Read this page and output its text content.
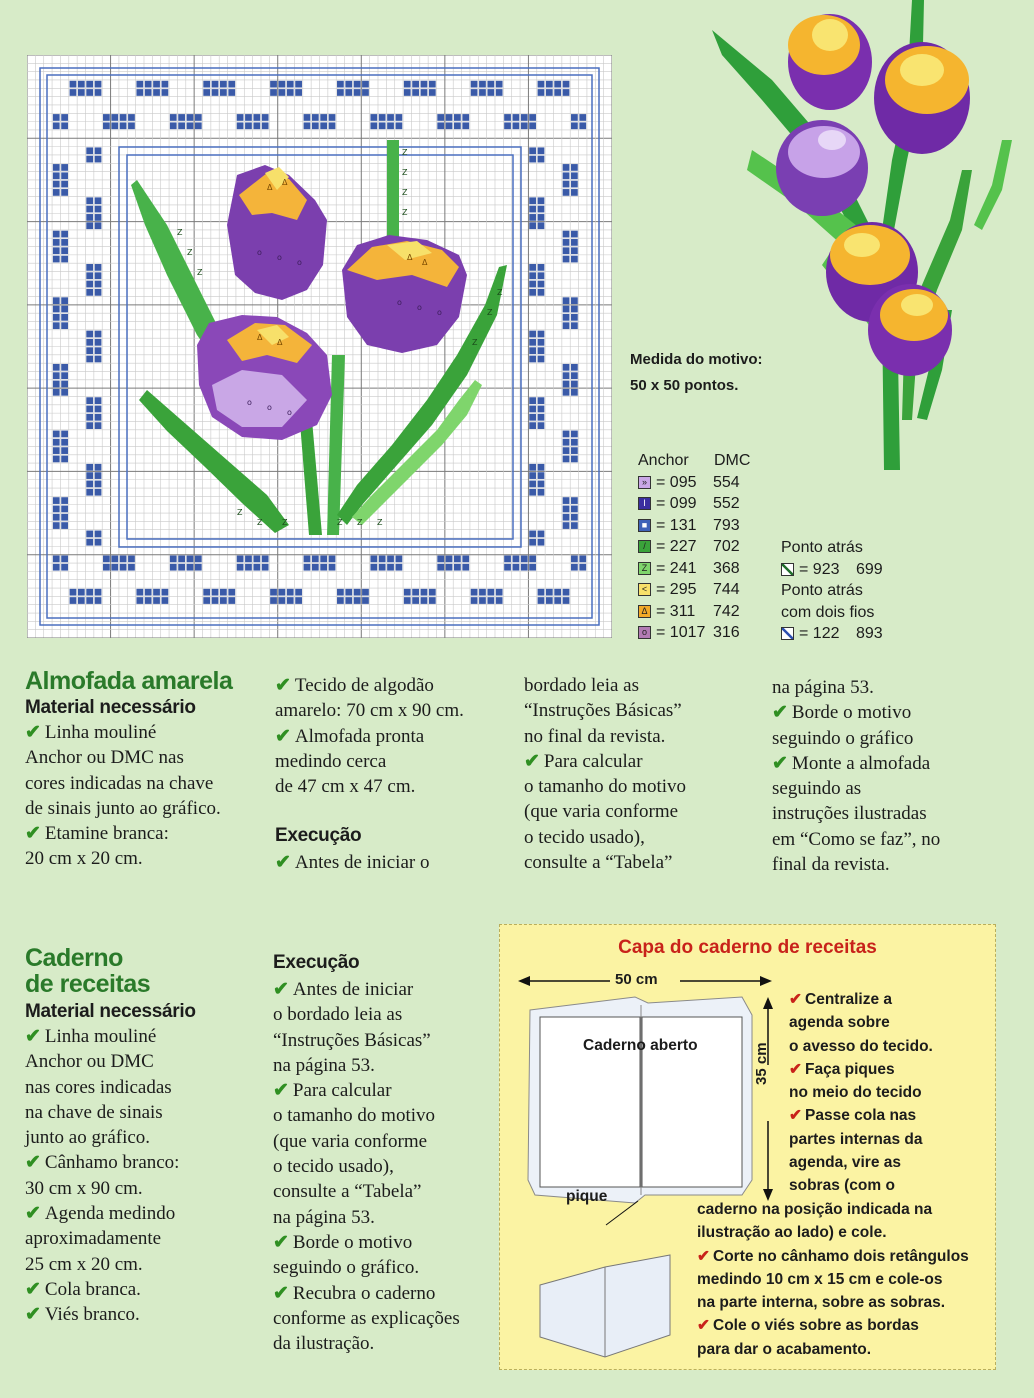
Z
Z
Z
Z
Z
Z
Z
Z
Z
Z
Z
Z Z	Z Z Z
Δ
Δ
Δ
Δ
Δ
Δ
o
o
o
o
o
o
o
o
o
Medida do motivo:
50 x 50 pontos.
Anchor	DMC
» = 095	554
I = 099	552
■ = 131	793
/ = 227	702
Z = 241	368
< = 295	744
Δ = 311	742
o = 1017 316
Ponto atrás
= 923	699
Ponto atrás
com dois fios
= 122	893
Almofada amarela
Material necessário
✔ Linha mouliné
Anchor ou DMC nas
cores indicadas na chave
de sinais junto ao gráfico.
✔ Etamine branca:
20 cm x 20 cm.
✔ Tecido de algodão
amarelo: 70 cm x 90 cm.
✔ Almofada pronta
medindo cerca
de 47 cm x 47 cm.
Execução
✔ Antes de iniciar o
bordado leia as
“Instruções Básicas”
no final da revista.
✔ Para calcular
o tamanho do motivo
(que varia conforme
o tecido usado),
consulte a “Tabela”
na página 53.
✔ Borde o motivo
seguindo o gráfico
✔ Monte a almofada
seguindo as
instruções ilustradas
em “Como se faz”, no
final da revista.
Caderno
de receitas
Material necessário
✔ Linha mouliné
Anchor ou DMC
nas cores indicadas
na chave de sinais
junto ao gráfico.
✔ Cânhamo branco:
30 cm x 90 cm.
✔ Agenda medindo
aproximadamente
25 cm x 20 cm.
✔ Cola branca.
✔ Viés branco.
Execução
✔ Antes de iniciar
o bordado leia as
“Instruções Básicas”
na página 53.
✔ Para calcular
o tamanho do motivo
(que varia conforme
o tecido usado),
consulte a “Tabela”
na página 53.
✔ Borde o motivo
seguindo o gráfico.
✔ Recubra o caderno
conforme as explicações
da ilustração.
Capa do caderno de receitas
50 cm
35 cm
Caderno aberto
pique
✔ Centralize a
agenda sobre
o avesso do tecido.
✔ Faça piques
no meio do tecido
✔ Passe cola nas
partes internas da
agenda, vire as
sobras (com o
caderno na posição indicada na
ilustração ao lado) e cole.
✔ Corte no cânhamo dois retângulos
medindo 10 cm x 15 cm e cole-os
na parte interna, sobre as sobras.
✔ Cole o viés sobre as bordas
para dar o acabamento.
